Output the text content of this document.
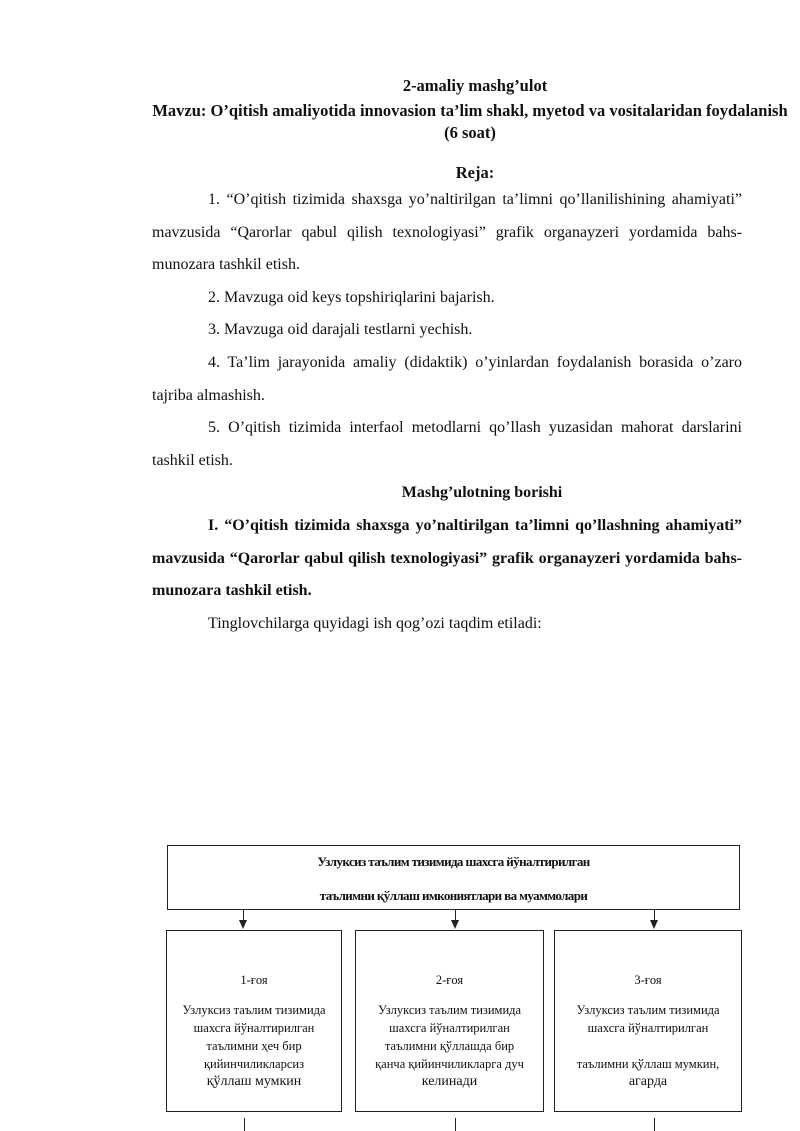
2-amaliy mashg’ulot
Mavzu: O’qitish amaliyotida innovasion ta’lim shakl, myetod va vositalaridan foydalanish (6 soat)
Reja:

1. “O’qitish tizimida shaxsga yo’naltirilgan ta’limni qo’llanilishining ahamiyati” mavzusida “Qarorlar qabul qilish texnologiyasi” grafik organayzeri yordamida bahs-munozara tashkil etish.

2. Mavzuga oid keys topshiriqlarini bajarish.

3. Mavzuga oid darajali testlarni yechish.

4. Ta’lim jarayonida amaliy (didaktik) o’yinlardan foydalanish borasida o’zaro tajriba almashish.

5. O’qitish tizimida interfaol metodlarni qo’llash yuzasidan mahorat darslarini tashkil etish.

Mashg’ulotning borishi

I. “O’qitish tizimida shaxsga yo’naltirilgan ta’limni qo’llashning ahamiyati” mavzusida “Qarorlar qabul qilish texnologiyasi” grafik organayzeri yordamida bahs-munozara tashkil etish.

Tinglovchilarga quyidagi ish qog’ozi taqdim etiladi:

Узлуксиз таълим тизимида шахсга йўналтирилган
таълимни қўллаш имкониятлари ва муаммолари
1-ғоя
Узлуксиз таълим тизимида
шахсга йўналтирилган
таълимни ҳеч бир
қийинчиликларсиз
қўллаш мумкин
2-ғоя
Узлуксиз таълим тизимида
шахсга йўналтирилган
таълимни қўллашда бир
қанча қийинчиликларга дуч
келинади
3-ғоя
Узлуксиз таълим тизимида
шахсга йўналтирилган
таълимни қўллаш мумкин,
агарда
